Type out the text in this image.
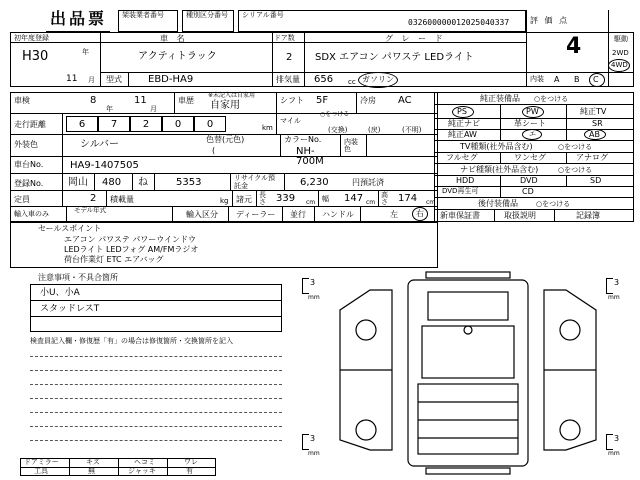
出品票 架装業者番号	種別区分番号 シリアル番号
032600000012025040337	評 価 点
初年度登録
H30	年
11 月
車 名
アクティトラック
ドア数
2
グ レ ー ド
SDX エアコン パワステ LEDライト
型式	EBD-HA9	排気量 656 cc ガソリン
4	駆動
2WD
4WD
内装 A B C
車検	8	11
年	月
車歴
※未記入は自家用
自家用	シフト 5F	冷房 AC
走行距離	6	7	2	0	0	km
マイル
○をつける
(交換)	(戻)	(不明)
外装色	シルバー	色替(元色)
(
カラーNo.
NH-700M
内装色
車台No.	HA9-1407505
登録No. 岡山 480 ね	5353	リサイクル預託金	6,230	円預託済
定員	2 積載量	kg 諸元 長さ	339 cm 幅 147 cm
高さ	174 cm
輸入車のみ	モデル年式	輸入区分 ディーラー 並行 ハンドル	左 右
純正装備品 ○をつける
PS	PW	純正TV
純正ナビ	革シート	SR
純正AW	エ	AB
TV種類(社外品含む)	○をつける
フルセグ	ワンセグ	アナログ
ナビ種類(社外品含む)	○をつける
HDD	DVD	SD
DVD再生可	CD
後付装備品	○をつける
新車保証書	取扱説明	記録簿
セールスポイント
エアコン パワステ パワーウインドウ
LEDライト LEDフォグ AM/FMラジオ
荷台作業灯 ETC エアバッグ
注意事項・不具合箇所
小U、小A
スタッドレスT
検査員記入欄・修復歴「有」の場合は修復箇所・交換箇所を記入
ドアミラー	キズ	ヘコミ	ワレ
工具	無	ジャッキ	有
3
mm
3
mm
3
mm
3
mm
